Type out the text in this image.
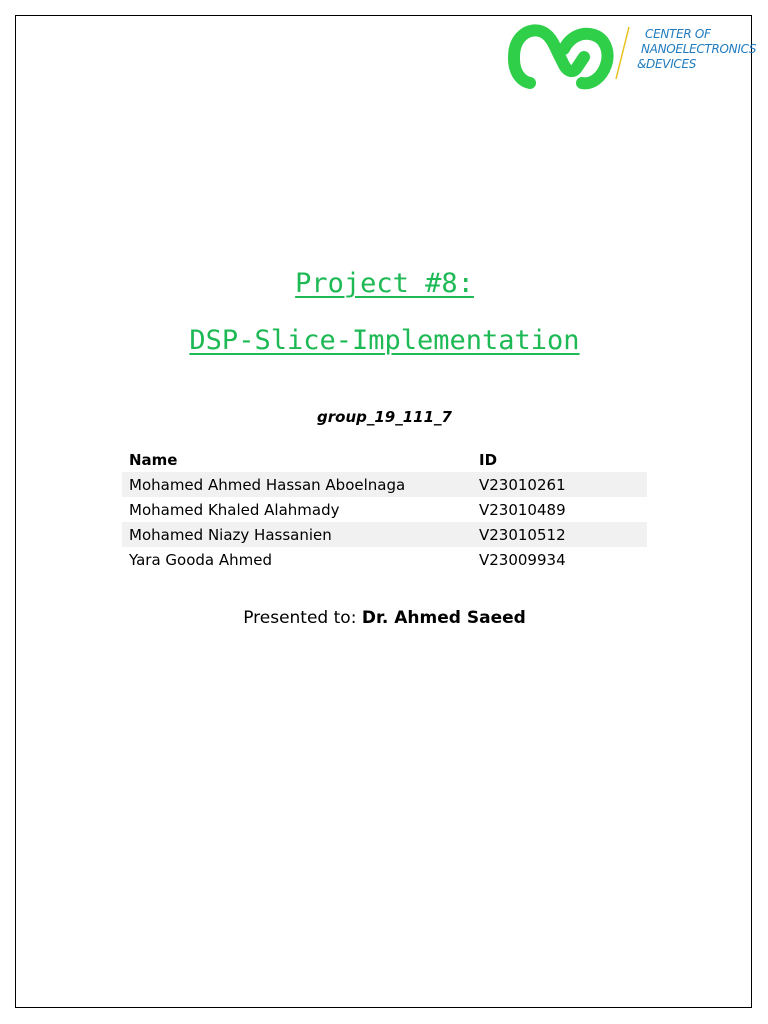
CENTER OF
NANOELECTRONICS
&DEVICES
Project #8:
DSP-Slice-Implementation
group_19_111_7
Name	ID
Mohamed Ahmed Hassan Aboelnaga	V23010261
Mohamed Khaled Alahmady	V23010489
Mohamed Niazy Hassanien	V23010512
Yara Gooda Ahmed	V23009934
Presented to: Dr. Ahmed Saeed
